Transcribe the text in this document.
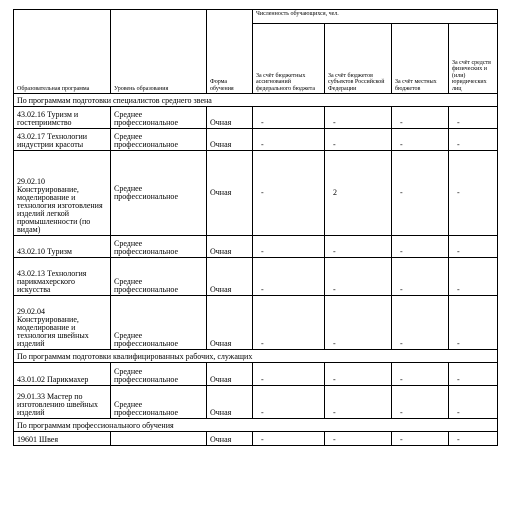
Образовательная программа	Уровень образования	Форма обучения	Численность обучающихся, чел.			
			За счёт бюджетных ассигнований федерального бюджета	За счёт бюджетов субъектов Российской Федерации	За счёт местных бюджетов	За счёт средств физических и (или) юридических лиц
По программам подготовки специалистов среднего звена						
43.02.16 Туризм и гостеприимство	Среднее профессиональное	Очная	-	-	-	-
43.02.17 Технологии индустрии красоты	Среднее профессиональное	Очная	-	-	-	-
29.02.10 Конструирование, моделирование и технология изготовления изделий легкой промышленности (по видам)	Среднее профессиональное	Очная	-	2	-	-
43.02.10 Туризм	Среднее профессиональное	Очная	-	-	-	-
43.02.13 Технология парикмахерского искусства	Среднее профессиональное	Очная	-	-	-	-
29.02.04 Конструирование, моделирование и технология швейных изделий	Среднее профессиональное	Очная	-	-	-	-
По программам подготовки квалифицированных рабочих, служащих						
43.01.02 Парикмахер	Среднее профессиональное	Очная	-	-	-	-
29.01.33 Мастер по изготовлению швейных изделий	Среднее профессиональное	Очная	-	-	-	-
По программам профессионального обучения						
19601 Швея		Очная	-	-	-	-
